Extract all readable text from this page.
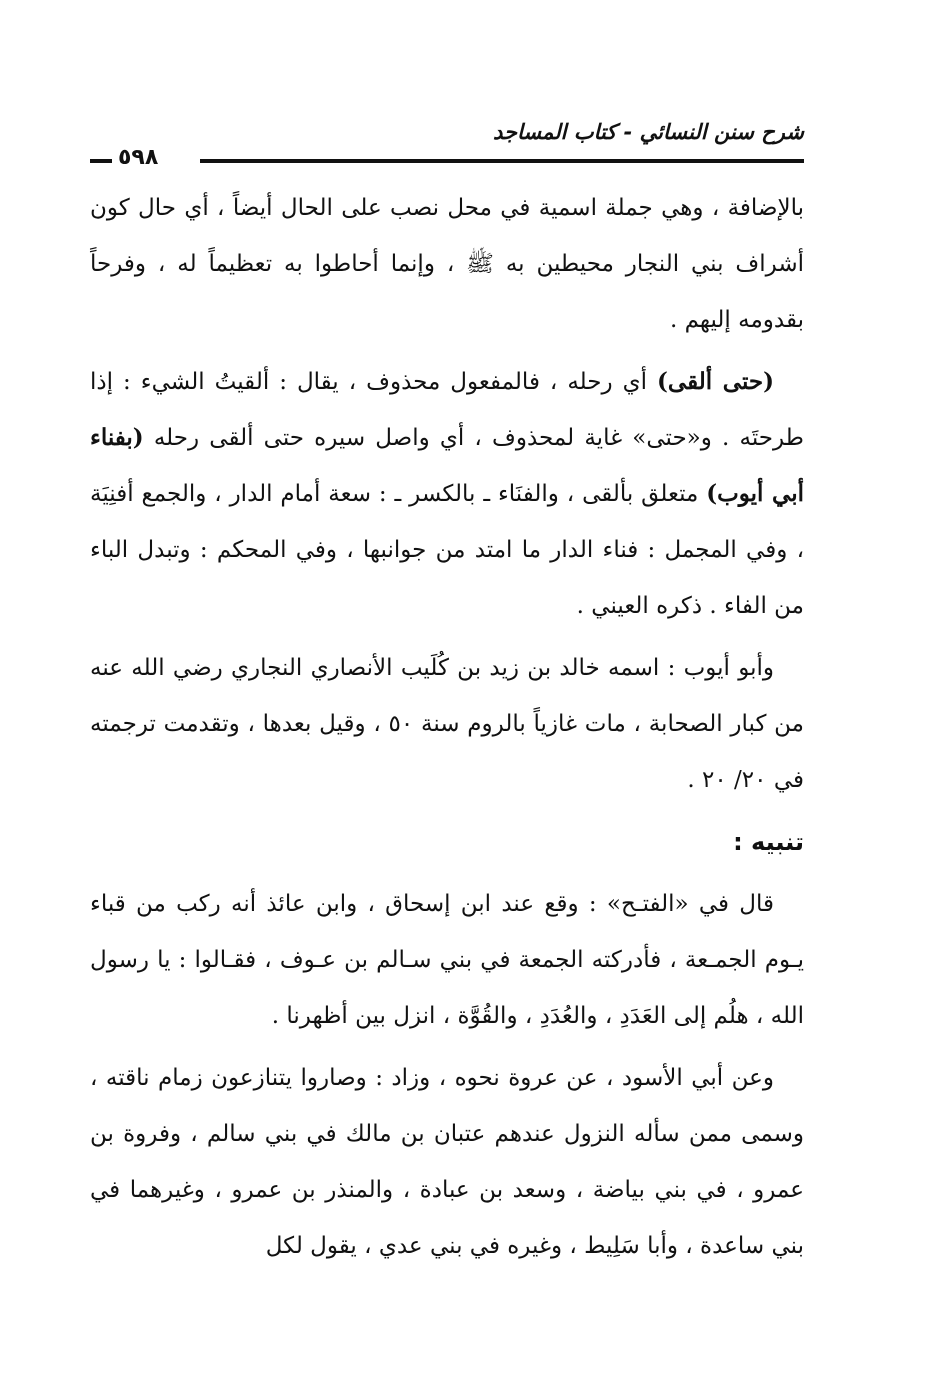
شرح سنن النسائي - كتاب المساجد
٥٩٨

بالإضافة ، وهي جملة اسمية في محل نصب على الحال أيضاً ، أي حال كون أشراف بني النجار محيطين به ﷺ ، وإنما أحاطوا به تعظيماً له ، وفرحاً بقدومه إليهم .

(حتى ألقى) أي رحله ، فالمفعول محذوف ، يقال : ألقيتُ الشيء : إذا طرحتَه . و«حتى» غاية لمحذوف ، أي واصل سيره حتى ألقى رحله (بفناء أبي أيوب) متعلق بألقى ، والفنَاء ـ بالكسر ـ : سعة أمام الدار ، والجمع أفنِيَة ، وفي المجمل : فناء الدار ما امتد من جوانبها ، وفي المحكم : وتبدل الباء من الفاء . ذكره العيني .

وأبو أيوب : اسمه خالد بن زيد بن كُلَيب الأنصاري النجاري رضي الله عنه من كبار الصحابة ، مات غازياً بالروم سنة ٥٠ ، وقيل بعدها ، وتقدمت ترجمته في ٢٠/ ٢٠ .

تنبيه :

قال في «الفتـح» : وقع عند ابن إسحاق ، وابن عائذ أنه ركب من قباء يـوم الجمـعة ، فأدركته الجمعة في بني سـالم بن عـوف ، فقـالوا : يا رسول الله ، هلُم إلى العَدَدِ ، والعُدَدِ ، والقُوَّة ، انزل بين أظهرنا .

وعن أبي الأسود ، عن عروة نحوه ، وزاد : وصاروا يتنازعون زمام ناقته ، وسمى ممن سأله النزول عندهم عتبان بن مالك في بني سالم ، وفروة بن عمرو ، في بني بياضة ، وسعد بن عبادة ، والمنذر بن عمرو ، وغيرهما في بني ساعدة ، وأبا سَلِيط ، وغيره في بني عدي ، يقول لكل
